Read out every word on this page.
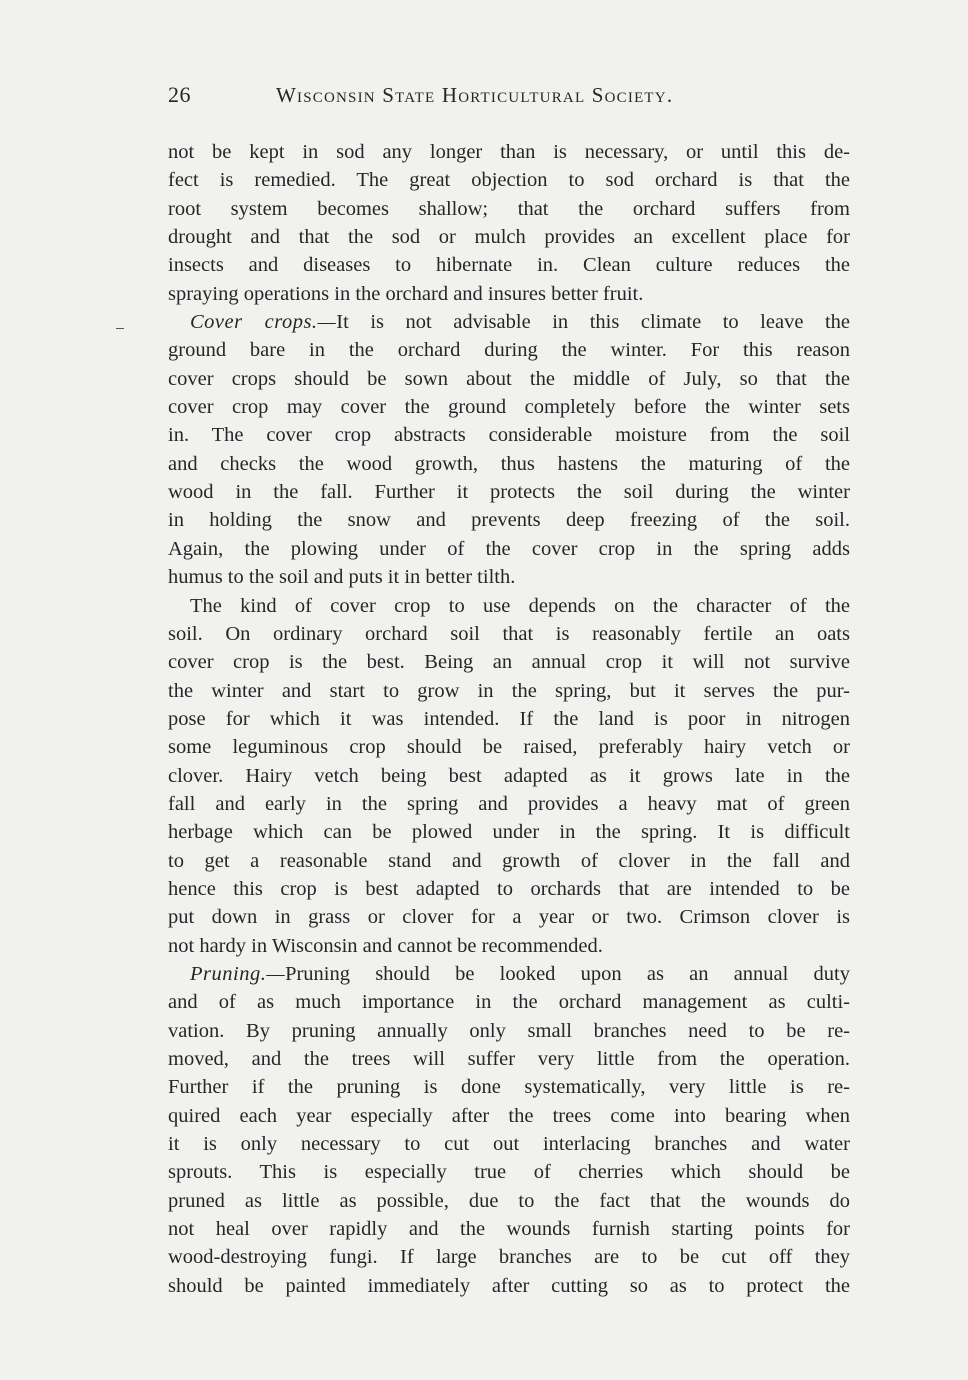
26	Wisconsin State Horticultural Society.
not be kept in sod any longer than is necessary, or until this de-
fect is remedied. The great objection to sod orchard is that the
root system becomes shallow; that the orchard suffers from
drought and that the sod or mulch provides an excellent place for
insects and diseases to hibernate in. Clean culture reduces the
spraying operations in the orchard and insures better fruit.
Cover crops.—It is not advisable in this climate to leave the
ground bare in the orchard during the winter. For this reason
cover crops should be sown about the middle of July, so that the
cover crop may cover the ground completely before the winter sets
in. The cover crop abstracts considerable moisture from the soil
and checks the wood growth, thus hastens the maturing of the
wood in the fall. Further it protects the soil during the winter
in holding the snow and prevents deep freezing of the soil.
Again, the plowing under of the cover crop in the spring adds
humus to the soil and puts it in better tilth.
The kind of cover crop to use depends on the character of the
soil. On ordinary orchard soil that is reasonably fertile an oats
cover crop is the best. Being an annual crop it will not survive
the winter and start to grow in the spring, but it serves the pur-
pose for which it was intended. If the land is poor in nitrogen
some leguminous crop should be raised, preferably hairy vetch or
clover. Hairy vetch being best adapted as it grows late in the
fall and early in the spring and provides a heavy mat of green
herbage which can be plowed under in the spring. It is difficult
to get a reasonable stand and growth of clover in the fall and
hence this crop is best adapted to orchards that are intended to be
put down in grass or clover for a year or two. Crimson clover is
not hardy in Wisconsin and cannot be recommended.
Pruning.—Pruning should be looked upon as an annual duty
and of as much importance in the orchard management as culti-
vation. By pruning annually only small branches need to be re-
moved, and the trees will suffer very little from the operation.
Further if the pruning is done systematically, very little is re-
quired each year especially after the trees come into bearing when
it is only necessary to cut out interlacing branches and water
sprouts. This is especially true of cherries which should be
pruned as little as possible, due to the fact that the wounds do
not heal over rapidly and the wounds furnish starting points for
wood-destroying fungi. If large branches are to be cut off they
should be painted immediately after cutting so as to protect the
